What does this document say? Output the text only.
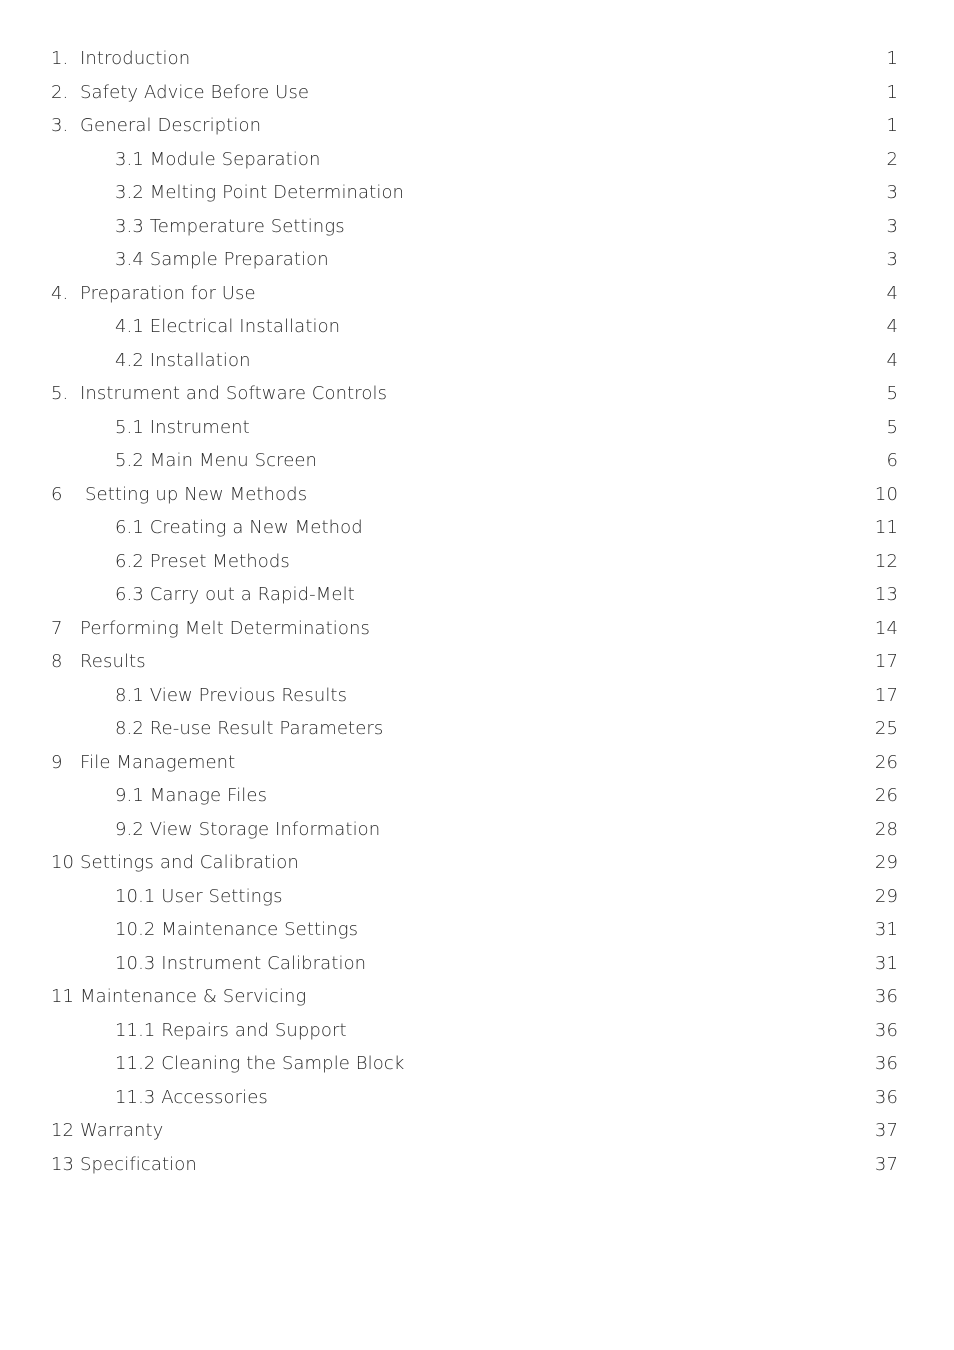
1. Introduction	1
2. Safety Advice Before Use	1
3. General Description	1
3.1 Module Separation	2
3.2 Melting Point Determination	3
3.3 Temperature Settings	3
3.4 Sample Preparation	3
4. Preparation for Use	4
4.1 Electrical Installation	4
4.2 Installation	4
5. Instrument and Software Controls	5
5.1 Instrument	5
5.2 Main Menu Screen	6
6 Setting up New Methods	10
6.1 Creating a New Method	11
6.2 Preset Methods	12
6.3 Carry out a Rapid-Melt	13
7 Performing Melt Determinations	14
8 Results	17
8.1 View Previous Results	17
8.2 Re-use Result Parameters	25
9 File Management	26
9.1 Manage Files	26
9.2 View Storage Information	28
10 Settings and Calibration	29
10.1 User Settings	29
10.2 Maintenance Settings	31
10.3 Instrument Calibration	31
11 Maintenance & Servicing	36
11.1 Repairs and Support	36
11.2 Cleaning the Sample Block	36
11.3 Accessories	36
12 Warranty	37
13 Specification	37
